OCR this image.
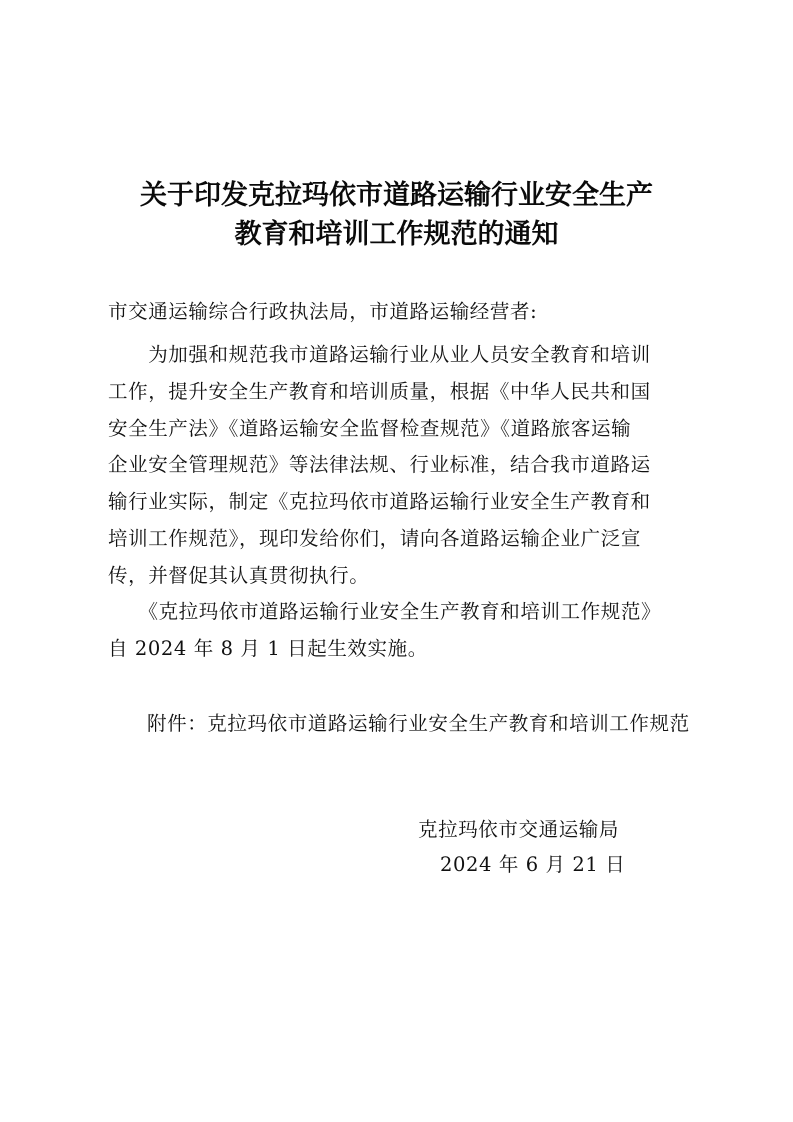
关于印发克拉玛依市道路运输行业安全生产
教育和培训工作规范的通知
市交通运输综合行政执法局，市道路运输经营者:
　　为加强和规范我市道路运输行业从业人员安全教育和培训
工作，提升安全生产教育和培训质量，根据《中华人民共和国
安全生产法》《道路运输安全监督检查规范》《道路旅客运输
企业安全管理规范》等法律法规、行业标准，结合我市道路运
输行业实际，制定《克拉玛依市道路运输行业安全生产教育和
培训工作规范》，现印发给你们，请向各道路运输企业广泛宣
传，并督促其认真贯彻执行。
　　《克拉玛依市道路运输行业安全生产教育和培训工作规范》
自 2024 年 8 月 1 日起生效实施。
附件：克拉玛依市道路运输行业安全生产教育和培训工作规范
克拉玛依市交通运输局
2024 年 6 月 21 日
